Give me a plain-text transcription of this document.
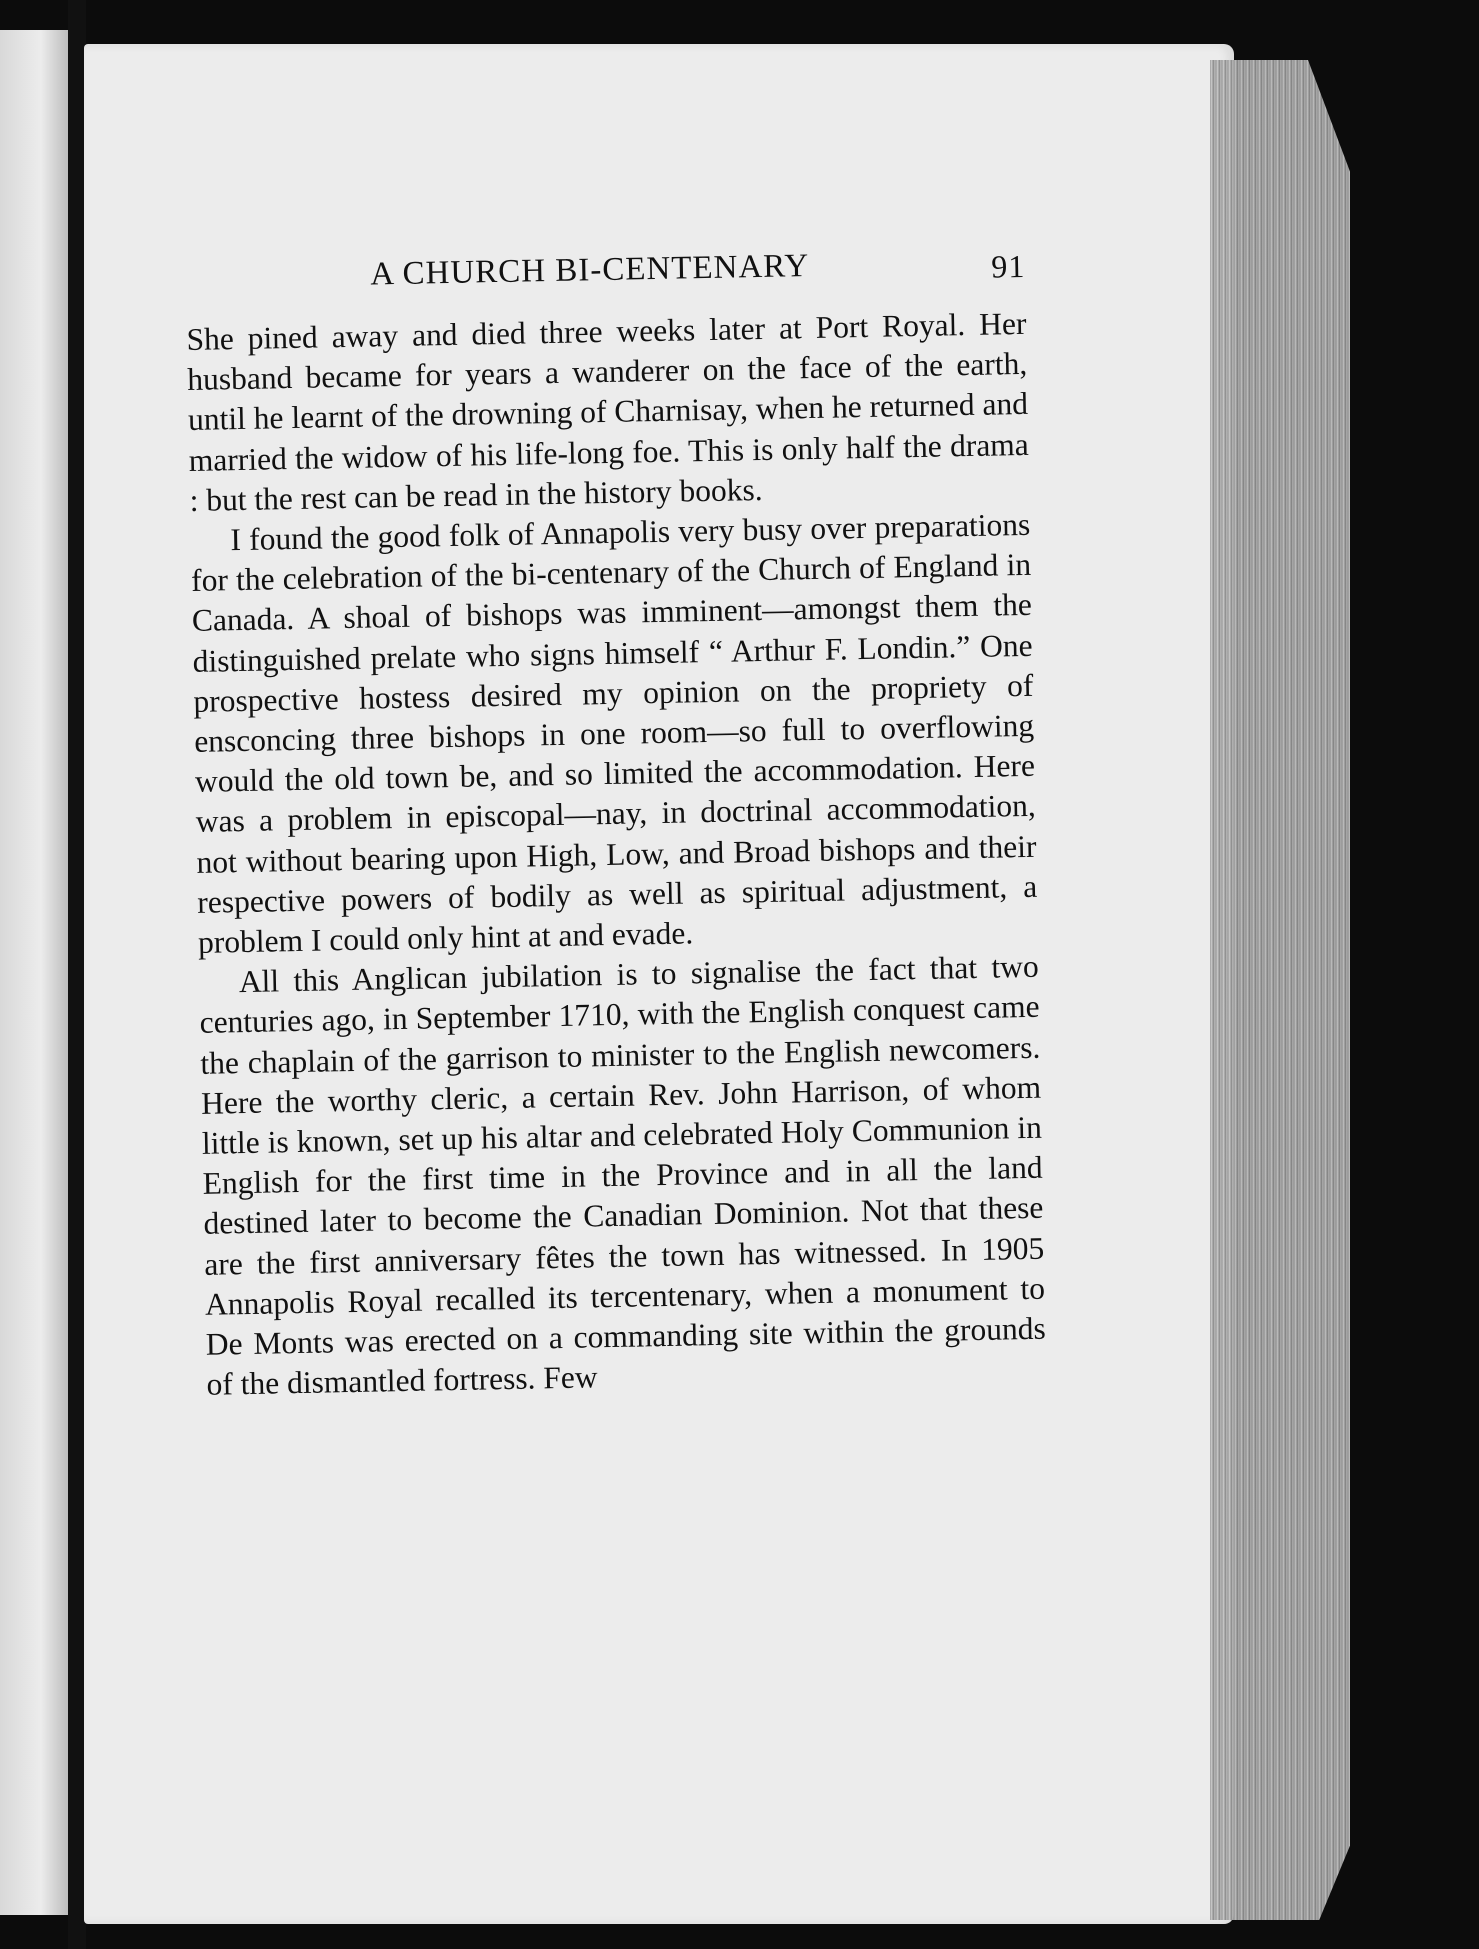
A CHURCH BI-CENTENARY	91

She pined away and died three weeks later at Port Royal. Her husband became for years a wanderer on the face of the earth, until he learnt of the drowning of Charnisay, when he returned and married the widow of his life-long foe. This is only half the drama : but the rest can be read in the history books.

I found the good folk of Annapolis very busy over preparations for the celebration of the bi-centenary of the Church of England in Canada. A shoal of bishops was imminent—amongst them the distinguished prelate who signs himself “ Arthur F. Londin.” One prospective hostess desired my opinion on the propriety of ensconcing three bishops in one room—so full to overflowing would the old town be, and so limited the accommodation. Here was a problem in episcopal—nay, in doctrinal accommodation, not without bearing upon High, Low, and Broad bishops and their respective powers of bodily as well as spiritual adjustment, a problem I could only hint at and evade.

All this Anglican jubilation is to signalise the fact that two centuries ago, in September 1710, with the English conquest came the chaplain of the garrison to minister to the English newcomers. Here the worthy cleric, a certain Rev. John Harrison, of whom little is known, set up his altar and celebrated Holy Communion in English for the first time in the Province and in all the land destined later to become the Canadian Dominion. Not that these are the first anniversary fêtes the town has witnessed. In 1905 Annapolis Royal recalled its tercentenary, when a monument to De Monts was erected on a commanding site within the grounds of the dismantled fortress. Few
